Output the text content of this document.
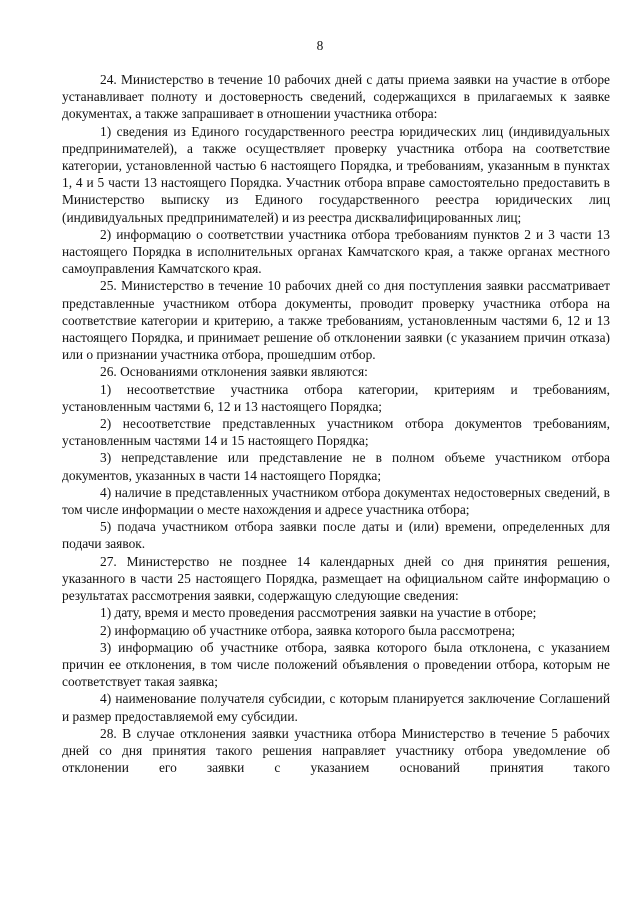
8

24. Министерство в течение 10 рабочих дней с даты приема заявки на участие в отборе устанавливает полноту и достоверность сведений, содержащихся в прилагаемых к заявке документах, а также запрашивает в отношении участника отбора:

1) сведения из Единого государственного реестра юридических лиц (индивидуальных предпринимателей), а также осуществляет проверку участника отбора на соответствие категории, установленной частью 6 настоящего Порядка, и требованиям, указанным в пунктах 1, 4 и 5 части 13 настоящего Порядка. Участник отбора вправе самостоятельно предоставить в Министерство выписку из Единого государственного реестра юридических лиц (индивидуальных предпринимателей) и из реестра дисквалифицированных лиц;

2) информацию о соответствии участника отбора требованиям пунктов 2 и 3 части 13 настоящего Порядка в исполнительных органах Камчатского края, а также органах местного самоуправления Камчатского края.

25. Министерство в течение 10 рабочих дней со дня поступления заявки рассматривает представленные участником отбора документы, проводит проверку участника отбора на соответствие категории и критерию, а также требованиям, установленным частями 6, 12 и 13 настоящего Порядка, и принимает решение об отклонении заявки (с указанием причин отказа) или о признании участника отбора, прошедшим отбор.

26. Основаниями отклонения заявки являются:

1) несоответствие участника отбора категории, критериям и требованиям, установленным частями 6, 12 и 13 настоящего Порядка;

2) несоответствие представленных участником отбора документов требованиям, установленным частями 14 и 15 настоящего Порядка;

3) непредставление или представление не в полном объеме участником отбора документов, указанных в части 14 настоящего Порядка;

4) наличие в представленных участником отбора документах недостоверных сведений, в том числе информации о месте нахождения и адресе участника отбора;

5) подача участником отбора заявки после даты и (или) времени, определенных для подачи заявок.

27. Министерство не позднее 14 календарных дней со дня принятия решения, указанного в части 25 настоящего Порядка, размещает на официальном сайте информацию о результатах рассмотрения заявки, содержащую следующие сведения:

1) дату, время и место проведения рассмотрения заявки на участие в отборе;

2) информацию об участнике отбора, заявка которого была рассмотрена;

3) информацию об участнике отбора, заявка которого была отклонена, с указанием причин ее отклонения, в том числе положений объявления о проведении отбора, которым не соответствует такая заявка;

4) наименование получателя субсидии, с которым планируется заключение Соглашений и размер предоставляемой ему субсидии.

28. В случае отклонения заявки участника отбора Министерство в течение 5 рабочих дней со дня принятия такого решения направляет участнику отбора уведомление об отклонении его заявки с указанием оснований принятия такого
